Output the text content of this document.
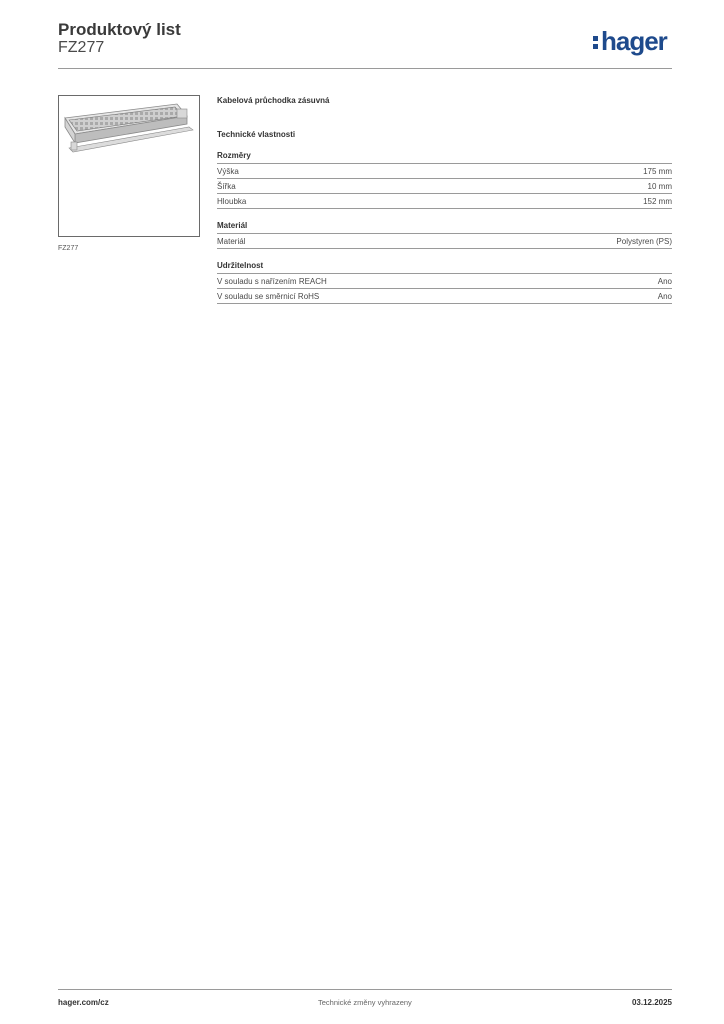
Produktový list
FZ277	hager
FZ277
Kabelová průchodka zásuvná
Technické vlastnosti
Rozměry
Výška	175 mm
Šířka	10 mm
Hloubka	152 mm
Materiál
Materiál	Polystyren (PS)
Udržitelnost
V souladu s nařízením REACH	Ano
V souladu se směrnicí RoHS	Ano
hager.com/cz	Technické změny vyhrazeny	03.12.2025
